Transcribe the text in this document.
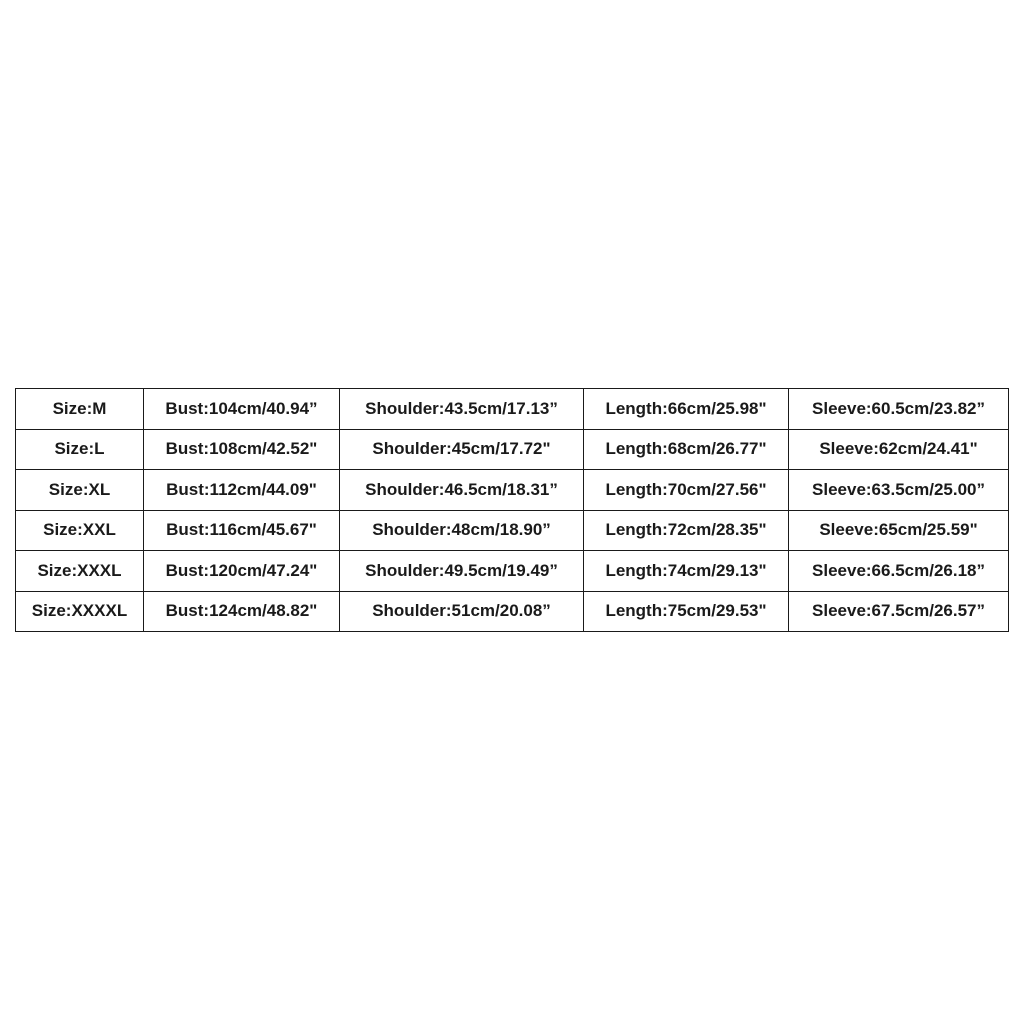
Size:M	Bust:104cm/40.94”	Shoulder:43.5cm/17.13”	Length:66cm/25.98"	Sleeve:60.5cm/23.82”
Size:L	Bust:108cm/42.52"	Shoulder:45cm/17.72"	Length:68cm/26.77"	Sleeve:62cm/24.41"
Size:XL	Bust:112cm/44.09"	Shoulder:46.5cm/18.31”	Length:70cm/27.56"	Sleeve:63.5cm/25.00”
Size:XXL	Bust:116cm/45.67"	Shoulder:48cm/18.90”	Length:72cm/28.35"	Sleeve:65cm/25.59"
Size:XXXL	Bust:120cm/47.24"	Shoulder:49.5cm/19.49”	Length:74cm/29.13"	Sleeve:66.5cm/26.18”
Size:XXXXL	Bust:124cm/48.82"	Shoulder:51cm/20.08”	Length:75cm/29.53"	Sleeve:67.5cm/26.57”
